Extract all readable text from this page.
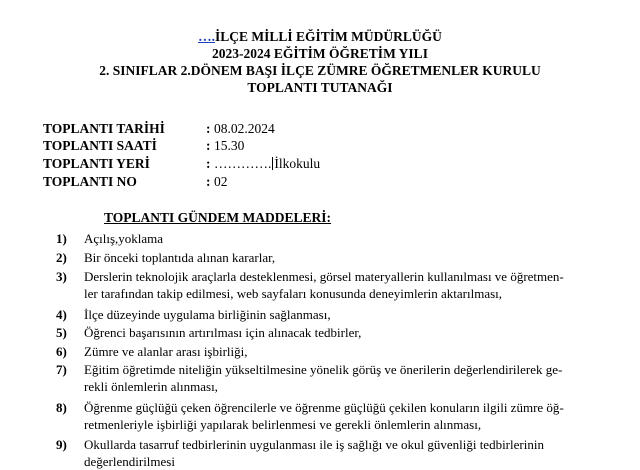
….İLÇE MİLLİ EĞİTİM MÜDÜRLÜĞÜ
2023-2024 EĞİTİM ÖĞRETİM YILI
2. SINIFLAR 2.DÖNEM BAŞI İLÇE ZÜMRE ÖĞRETMENLER KURULU
TOPLANTI TUTANAĞI
TOPLANTI TARİHİ	: 08.02.2024
TOPLANTI SAATİ	: 15.30
TOPLANTI YERİ	: …………. İlkokulu
TOPLANTI NO	: 02
TOPLANTI GÜNDEM MADDELERİ:
1) Açılış,yoklama
2) Bir önceki toplantıda alınan kararlar,
3) Derslerin teknolojik araçlarla desteklenmesi, görsel materyallerin kullanılması ve öğretmen-
ler tarafından takip edilmesi, web sayfaları konusunda deneyimlerin aktarılması,
4) İlçe düzeyinde uygulama birliğinin sağlanması,
5) Öğrenci başarısının artırılması için alınacak tedbirler,
6) Zümre ve alanlar arası işbirliği,
7) Eğitim öğretimde niteliğin yükseltilmesine yönelik görüş ve önerilerin değerlendirilerek ge-
rekli önlemlerin alınması,
8) Öğrenme güçlüğü çeken öğrencilerle ve öğrenme güçlüğü çekilen konuların ilgili zümre öğ-
retmenleriyle işbirliği yapılarak belirlenmesi ve gerekli önlemlerin alınması,
9) Okullarda tasarruf tedbirlerinin uygulanması ile iş sağlığı ve okul güvenliği tedbirlerinin
değerlendirilmesi
